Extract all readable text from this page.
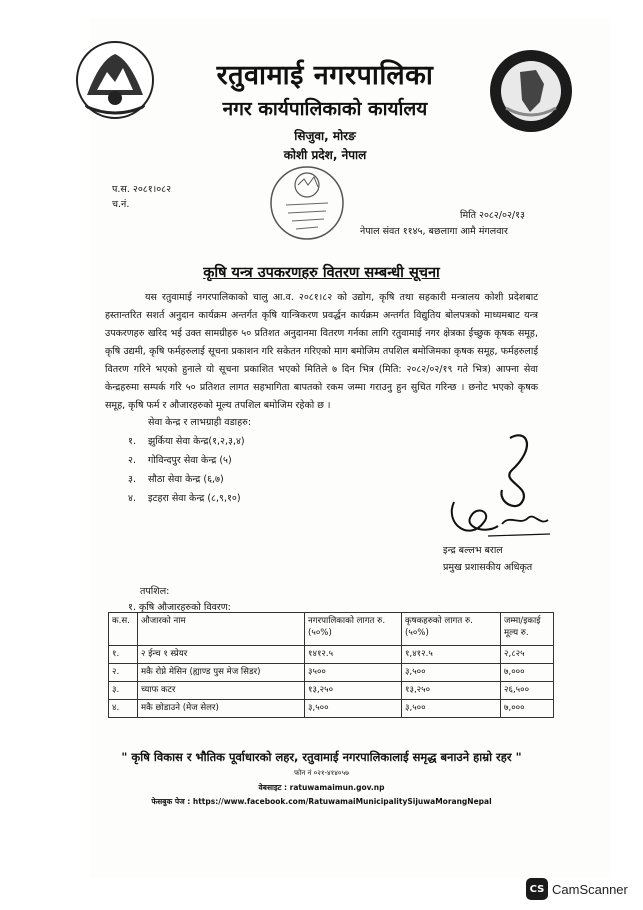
रतुवामाई नगरपालिका
नगर कार्यपालिकाको कार्यालय
सिजुवा, मोरङ
कोशी प्रदेश, नेपाल
प.स. २०८१।०८२
च.नं.
मिति २०८२/०२/१३
नेपाल संवत ११४५, बछलागा आमै मंगलवार
कृषि यन्त्र उपकरणहरु वितरण सम्बन्धी सूचना
यस रतुवामाई नगरपालिकाको चालु आ.व. २०८१।८२ को उद्योग, कृषि तथा सहकारी मन्त्रालय कोशी प्रदेशबाट हस्तान्तरित सशर्त अनुदान कार्यक्रम अन्तर्गत कृषि यान्त्रिकरण प्रवर्द्धन कार्यक्रम अन्तर्गत विद्युतिय बोलपत्रको माध्यमबाट यन्त्र उपकरणहरु खरिद भई उक्त सामग्रीहरु ५० प्रतिशत अनुदानमा वितरण गर्नका लागि रतुवामाई नगर क्षेत्रका ईच्छुक कृषक समूह, कृषि उद्यमी, कृषि फर्महरुलाई सूचना प्रकाशन गरि सकेतन गरिएको माग बमोजिम तपशिल बमोजिमका कृषक समूह, फर्महरुलाई वितरण गरिने भएको हुनाले यो सूचना प्रकाशित भएको मितिले ७ दिन भित्र (मिति: २०८२/०२/१९ गते भित्र) आफ्ना सेवा केन्द्रहरुमा सम्पर्क गरि ५० प्रतिशत लागत सहभागिता बापतको रकम जम्मा गराउनु हुन सुचित गरिन्छ । छनोट भएको कृषक समूह, कृषि फर्म र औजारहरुको मूल्य तपशिल बमोजिम रहेको छ ।
सेवा केन्द्र र लाभग्राही वडाहरु:
१. झुर्किया सेवा केन्द्र(१,२,३,४)
२. गोविन्दपुर सेवा केन्द्र (५)
३. सौठा सेवा केन्द्र (६,७)
४. इटहरा सेवा केन्द्र (८,९,१०)
इन्द्र बल्लभ बराल
प्रमुख प्रशासकीय अधिकृत
तपशिल:
१. कृषि औजारहरुको विवरण:
क.स.	औजारको नाम	नगरपालिकाको लागत रु. (५०%)	कृषकहरुको लागत रु. (५०%)	जम्मा/इकाई मूल्य रु.
१.	२ ईन्च १ स्प्रेयर	१४१२.५	१,४१२.५	२,८२५
२.	मकै रोप्ने मेसिन (ह्याण्ड पुस मेज सिडर)	३५००	३,५००	७,०००
३.	च्याफ कटर	१३,२५०	१३,२५०	२६,५००
४.	मकै छोडाउने (मेज सेलर)	३,५००	३,५००	७,०००
" कृषि विकास र भौतिक पूर्वाधारको लहर, रतुवामाई नगरपालिकालाई समृद्ध बनाउने हाम्रो रहर "
फोन नं ०२१-४१४०५७
वेबसाइट : ratuwamaimun.gov.np
फेसबुक पेज : https://www.facebook.com/RatuwamaiMunicipalitySijuwaMorangNepal
CS CamScanner
